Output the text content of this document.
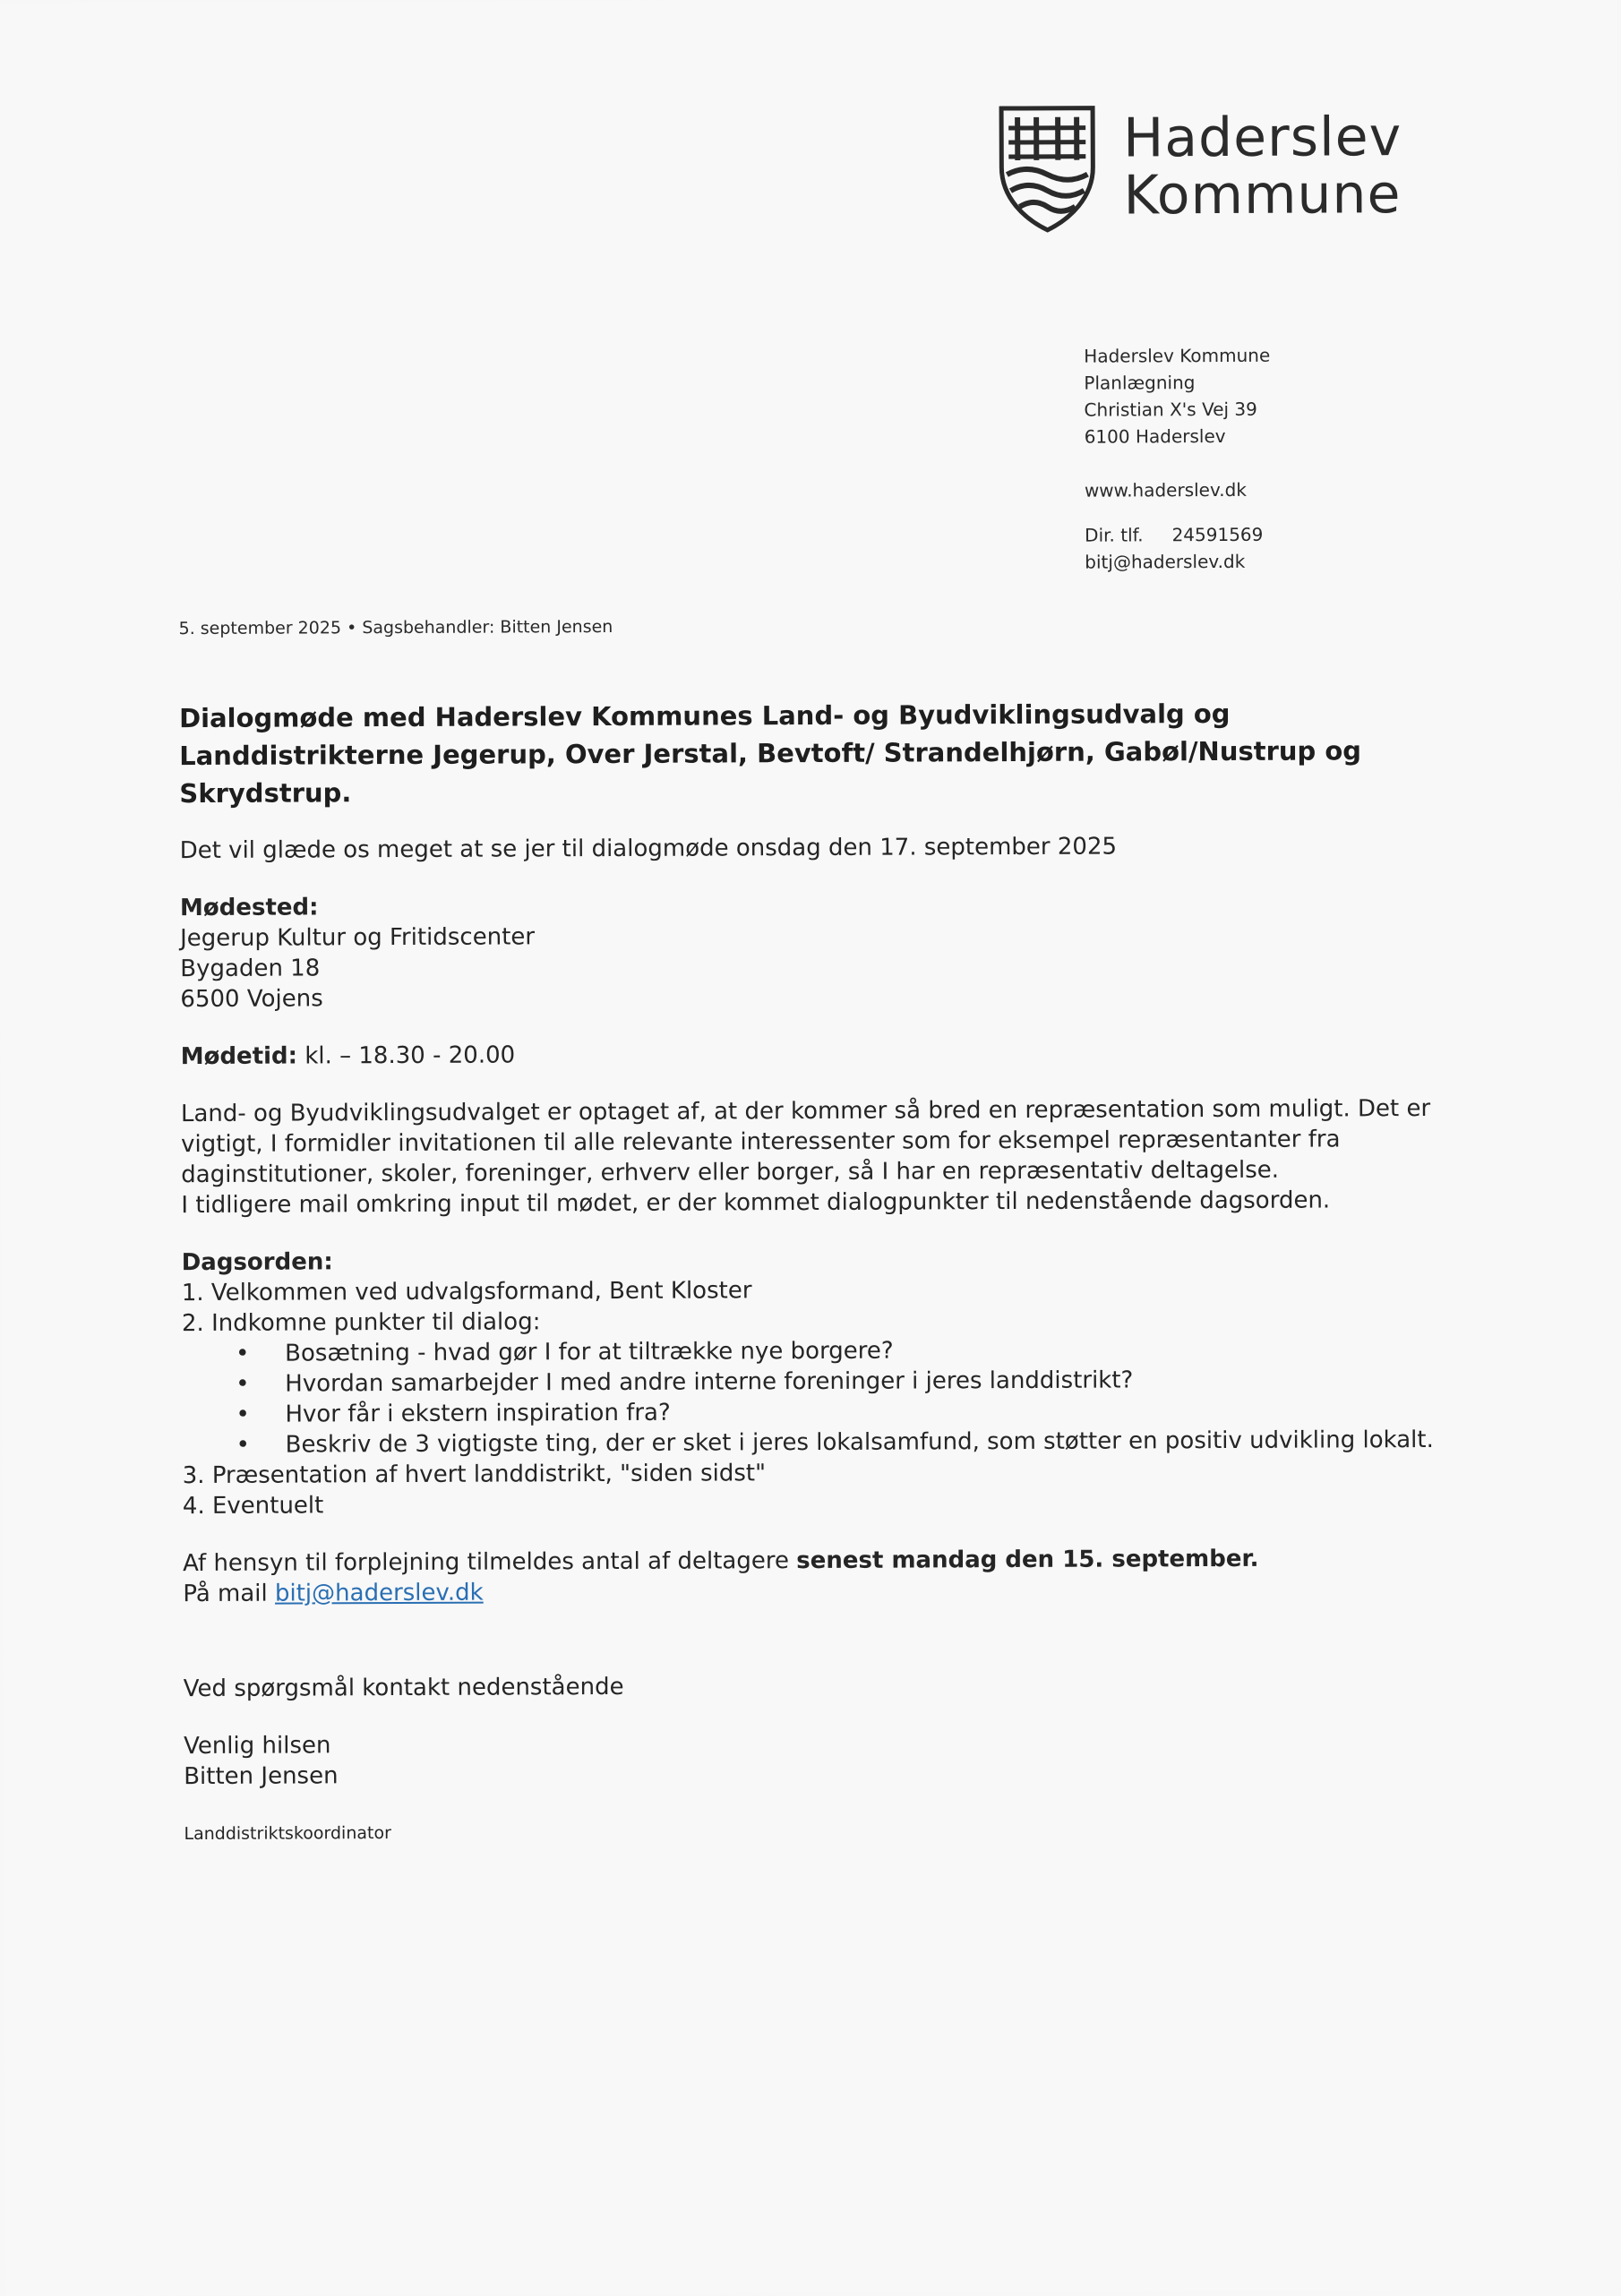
Haderslev
Kommune
Haderslev Kommune
Planlægning
Christian X's Vej 39
6100 Haderslev
www.haderslev.dk
Dir. tlf. 24591569
bitj@haderslev.dk
5. september 2025 • Sagsbehandler: Bitten Jensen
Dialogmøde med Haderslev Kommunes Land- og Byudviklingsudvalg og Landdistrikterne Jegerup, Over Jerstal, Bevtoft/ Strandelhjørn, Gabøl/Nustrup og Skrydstrup.

Det vil glæde os meget at se jer til dialogmøde onsdag den 17. september 2025

Mødested:
Jegerup Kultur og Fritidscenter
Bygaden 18
6500 Vojens
Mødetid: kl. – 18.30 - 20.00
Land- og Byudviklingsudvalget er optaget af, at der kommer så bred en repræsentation som muligt. Det er vigtigt, I formidler invitationen til alle relevante interessenter som for eksempel repræsentanter fra daginstitutioner, skoler, foreninger, erhverv eller borger, så I har en repræsentativ deltagelse.
I tidligere mail omkring input til mødet, er der kommet dialogpunkter til nedenstående dagsorden.
Dagsorden:
1. Velkommen ved udvalgsformand, Bent Kloster
2. Indkomne punkter til dialog:
• Bosætning - hvad gør I for at tiltrække nye borgere?
• Hvordan samarbejder I med andre interne foreninger i jeres landdistrikt?
• Hvor får i ekstern inspiration fra?
• Beskriv de 3 vigtigste ting, der er sket i jeres lokalsamfund, som støtter en positiv udvikling lokalt.
3. Præsentation af hvert landdistrikt, "siden sidst"
4. Eventuelt
Af hensyn til forplejning tilmeldes antal af deltagere senest mandag den 15. september.
På mail bitj@haderslev.dk
Ved spørgsmål kontakt nedenstående
Venlig hilsen
Bitten Jensen
Landdistriktskoordinator
